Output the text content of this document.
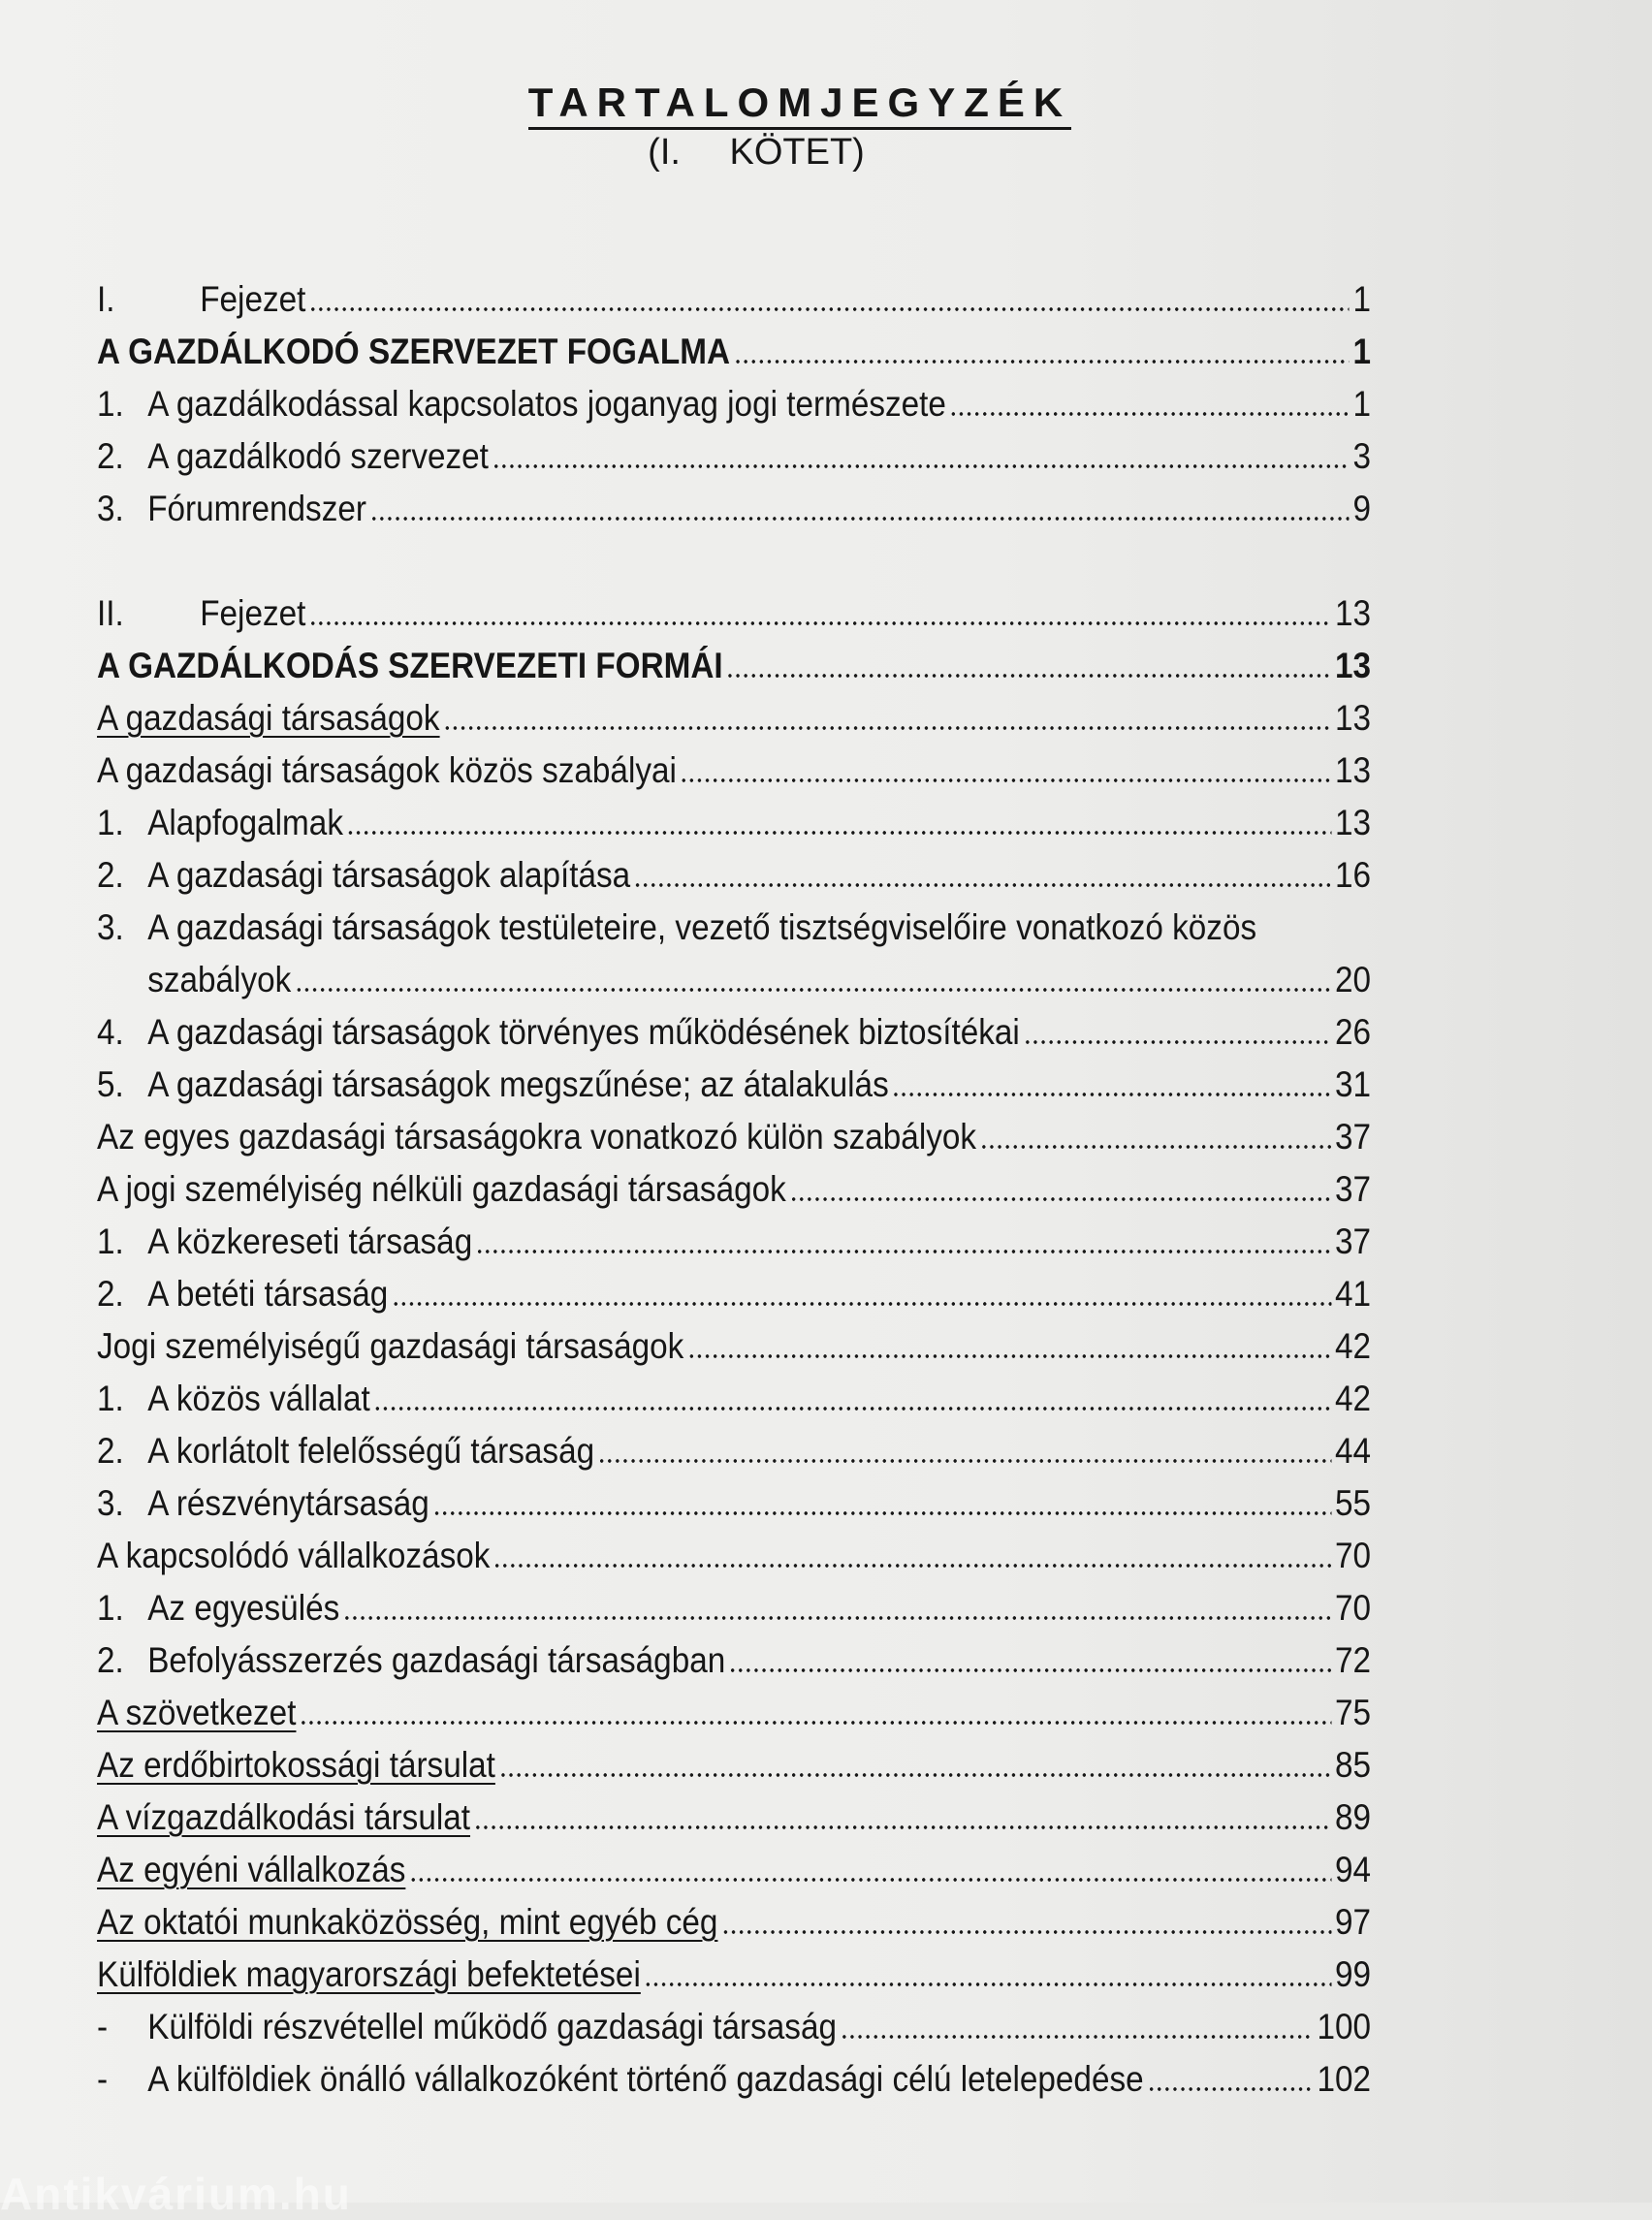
TARTALOMJEGYZÉK
(I. KÖTET)
I.	Fejezet	1
A GAZDÁLKODÓ SZERVEZET FOGALMA	1
1. A gazdálkodással kapcsolatos joganyag jogi természete	1
2. A gazdálkodó szervezet	3
3. Fórumrendszer	9
II.	Fejezet	13
A GAZDÁLKODÁS SZERVEZETI FORMÁI	13
A gazdasági társaságok	13
A gazdasági társaságok közös szabályai	13
1. Alapfogalmak	13
2. A gazdasági társaságok alapítása	16
3. A gazdasági társaságok testületeire, vezető tisztségviselőire vonatkozó közös
szabályok	20
4. A gazdasági társaságok törvényes működésének biztosítékai	26
5. A gazdasági társaságok megszűnése; az átalakulás	31
Az egyes gazdasági társaságokra vonatkozó külön szabályok	37
A jogi személyiség nélküli gazdasági társaságok	37
1. A közkereseti társaság	37
2. A betéti társaság	41
Jogi személyiségű gazdasági társaságok	42
1. A közös vállalat	42
2. A korlátolt felelősségű társaság	44
3. A részvénytársaság	55
A kapcsolódó vállalkozások	70
1. Az egyesülés	70
2. Befolyásszerzés gazdasági társaságban	72
A szövetkezet	75
Az erdőbirtokossági társulat	85
A vízgazdálkodási társulat	89
Az egyéni vállalkozás	94
Az oktatói munkaközösség, mint egyéb cég	97
Külföldiek magyarországi befektetései	99
-	Külföldi részvétellel működő gazdasági társaság	100
-	A külföldiek önálló vállalkozóként történő gazdasági célú letelepedése	102
Antikvárium.hu
